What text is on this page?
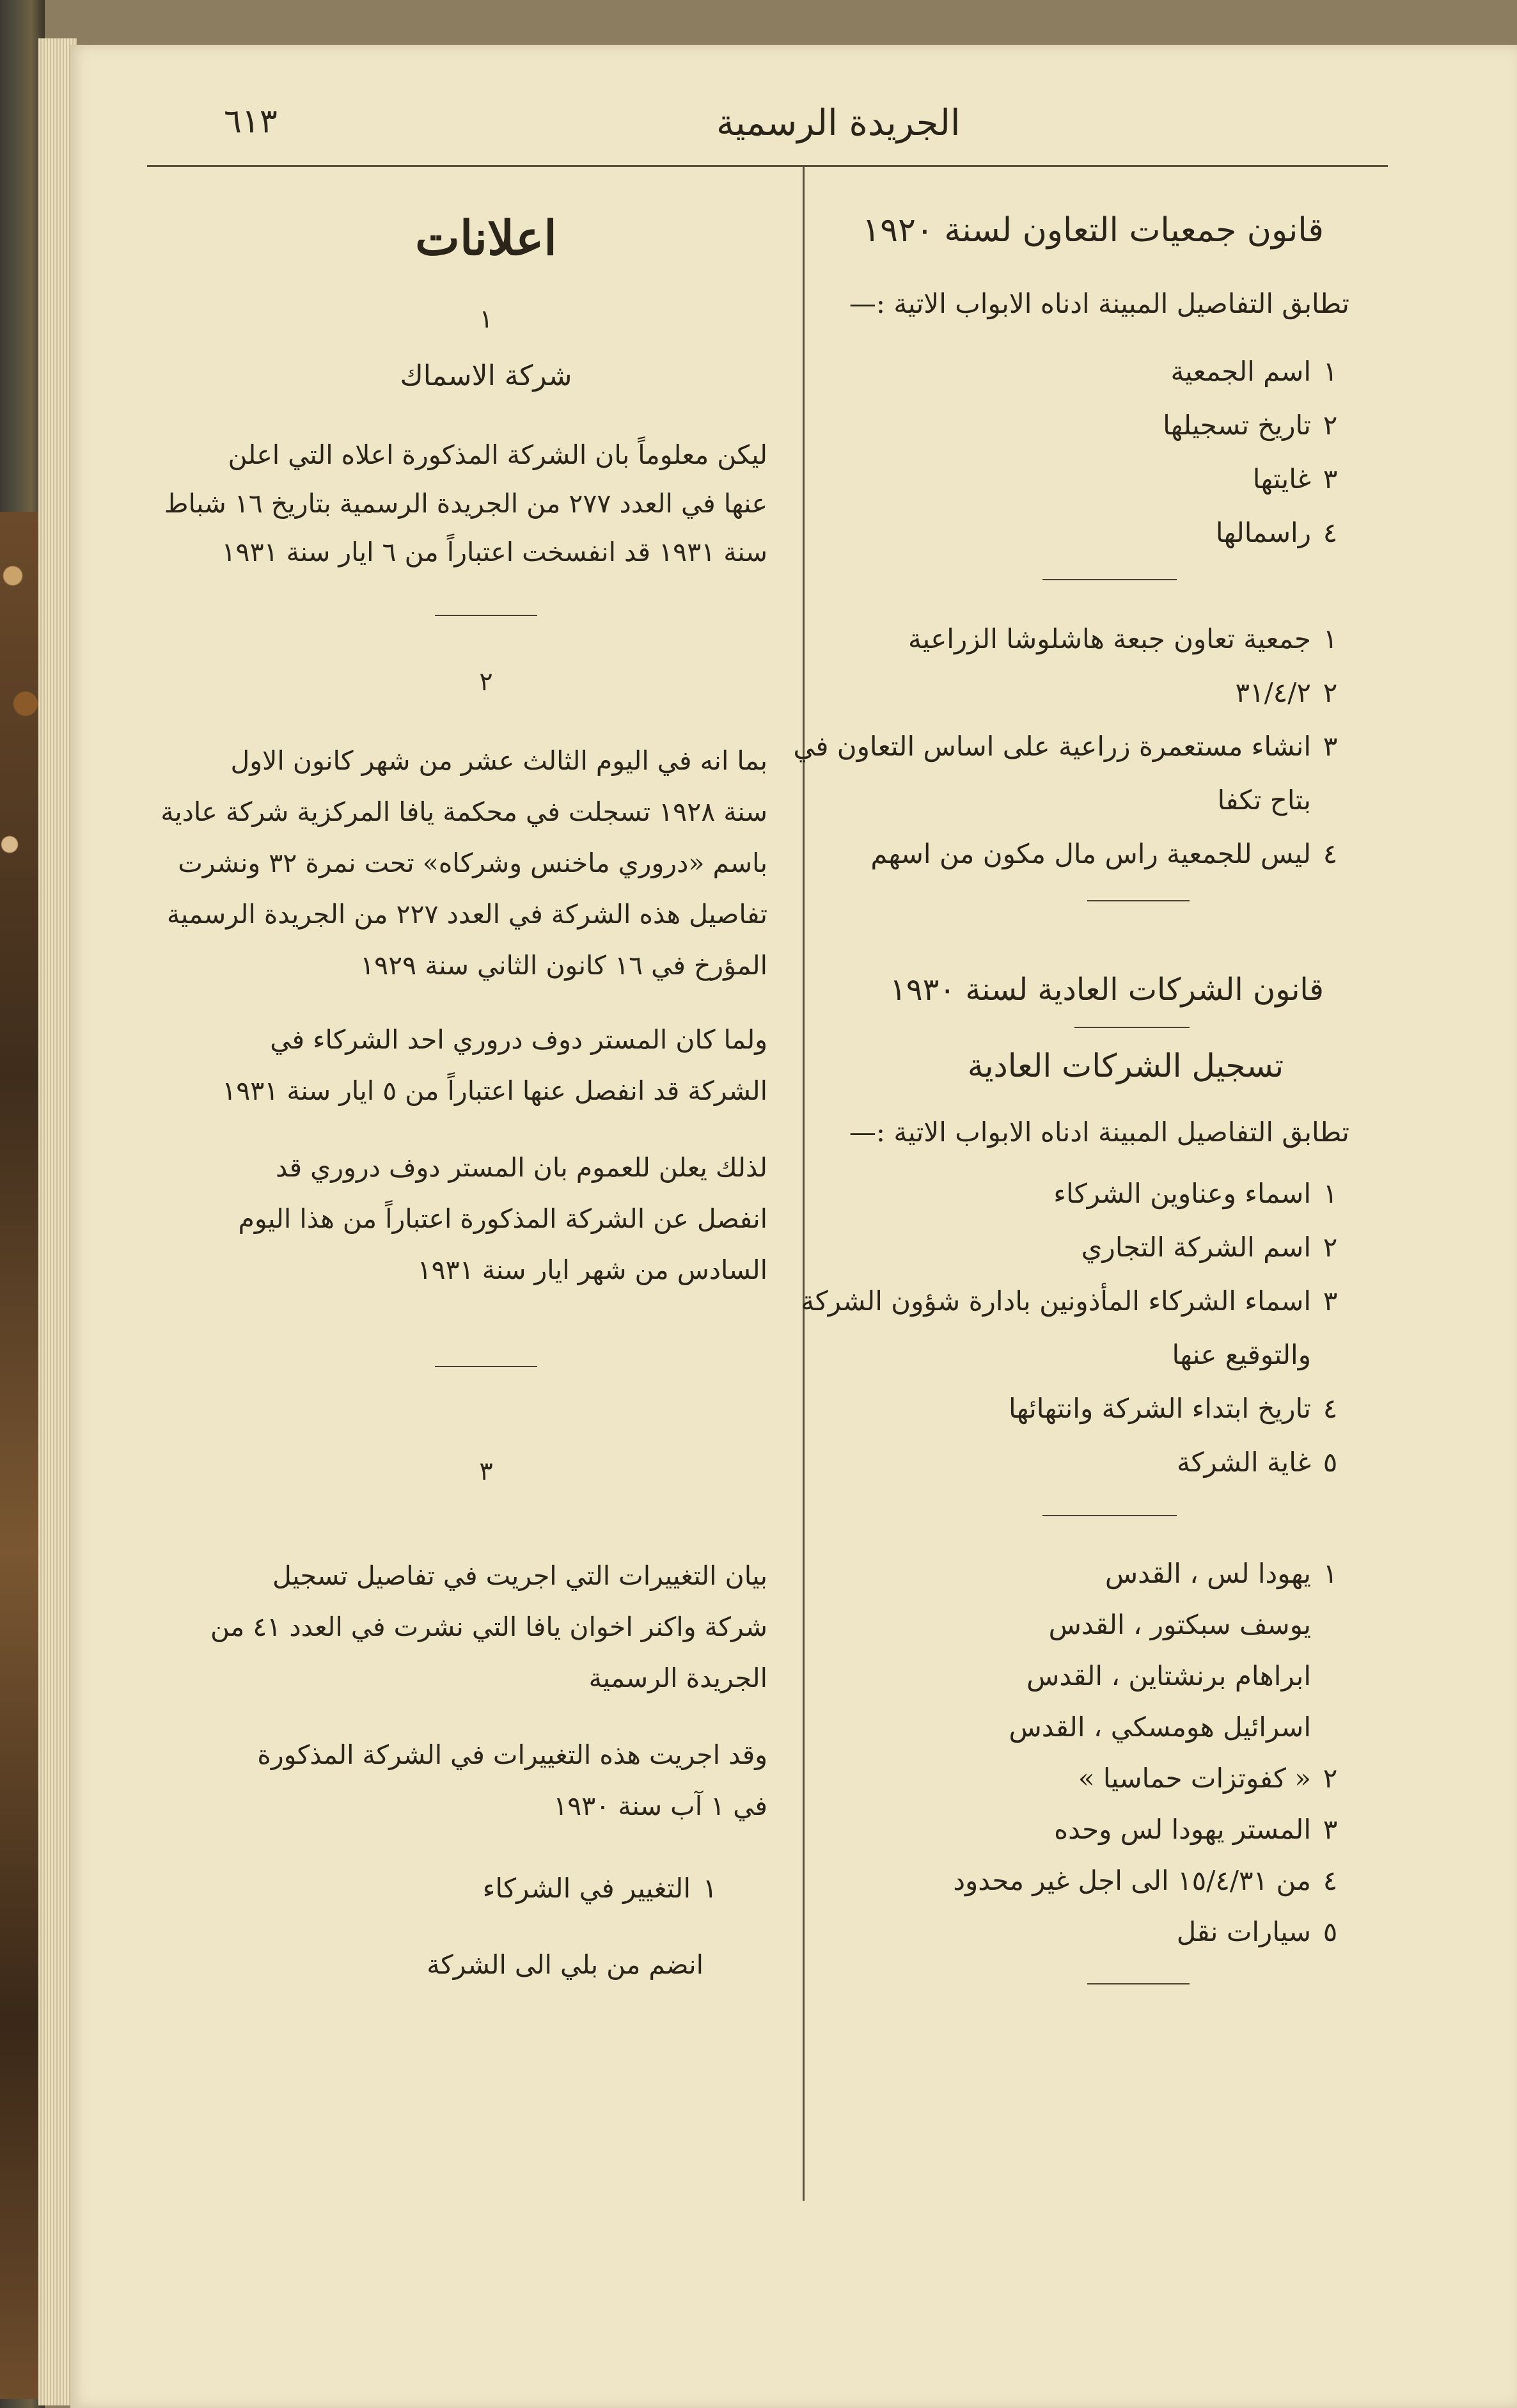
الجريدة الرسمية
٦١٣
اعلانات
١
شركة الاسماك
ليكن معلوماً بان الشركة المذكورة اعلاه التي اعلن
عنها في العدد ٢٧٧ من الجريدة الرسمية بتاريخ ١٦ شباط
سنة ١٩٣١ قد انفسخت اعتباراً من ٦ ايار سنة ١٩٣١
٢
بما انه في اليوم الثالث عشر من شهر كانون الاول
سنة ١٩٢٨ تسجلت في محكمة يافا المركزية شركة عادية
باسم «دروري ماخنس وشركاه» تحت نمرة ٣٢ ونشرت
تفاصيل هذه الشركة في العدد ٢٢٧ من الجريدة الرسمية
المؤرخ في ١٦ كانون الثاني سنة ١٩٢٩
ولما كان المستر دوف دروري احد الشركاء في
الشركة قد انفصل عنها اعتباراً من ٥ ايار سنة ١٩٣١
لذلك يعلن للعموم بان المستر دوف دروري قد
انفصل عن الشركة المذكورة اعتباراً من هذا اليوم
السادس من شهر ايار سنة ١٩٣١
٣
بيان التغييرات التي اجريت في تفاصيل تسجيل
شركة واكنر اخوان يافا التي نشرت في العدد ٤١ من
الجريدة الرسمية
وقد اجريت هذه التغييرات في الشركة المذكورة
في ١ آب سنة ١٩٣٠
١
التغيير في الشركاء
انضم من بلي الى الشركة
قانون جمعيات التعاون لسنة ١٩٢٠
تطابق التفاصيل المبينة ادناه الابواب الاتية :—
١
اسم الجمعية
٢
تاريخ تسجيلها
٣
غايتها
٤
راسمالها
١
جمعية تعاون جبعة هاشلوشا الزراعية
٢
٣١/٤/٢
٣
انشاء مستعمرة زراعية على اساس التعاون في
بتاح تكفا
٤
ليس للجمعية راس مال مكون من اسهم
قانون الشركات العادية لسنة ١٩٣٠
تسجيل الشركات العادية
تطابق التفاصيل المبينة ادناه الابواب الاتية :—
١
اسماء وعناوين الشركاء
٢
اسم الشركة التجاري
٣
اسماء الشركاء المأذونين بادارة شؤون الشركة
والتوقيع عنها
٤
تاريخ ابتداء الشركة وانتهائها
٥
غاية الشركة
١
يهودا لس ، القدس
يوسف سبكتور ، القدس
ابراهام برنشتاين ، القدس
اسرائيل هومسكي ، القدس
٢
« كفوتزات حماسيا »
٣
المستر يهودا لس وحده
٤
من ١٥/٤/٣١ الى اجل غير محدود
٥
سيارات نقل
